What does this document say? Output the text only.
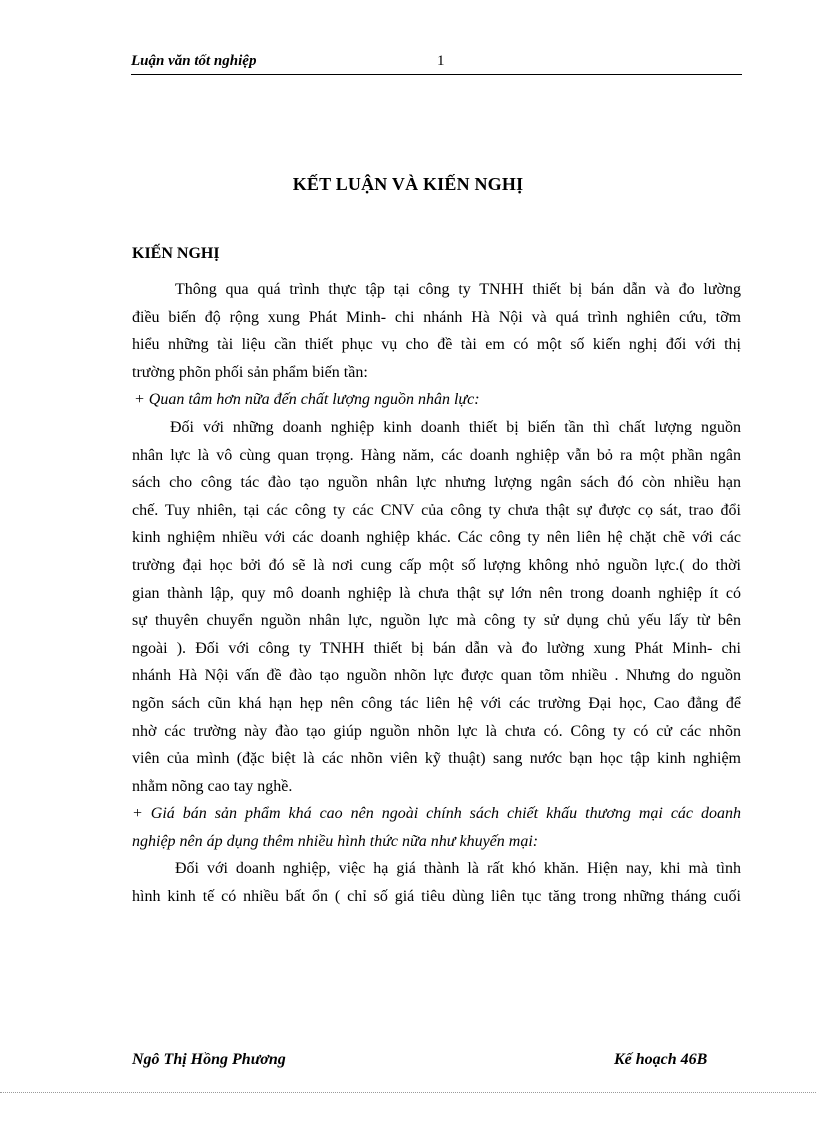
Luận văn tốt nghiệp	1
KẾT LUẬN VÀ KIẾN NGHỊ
KIẾN NGHỊ
Thông qua quá trình thực tập tại công ty TNHH thiết bị bán dẫn và đo lường
điều biến độ rộng xung Phát Minh- chi nhánh Hà Nội và quá trình nghiên cứu, tỡm
hiểu những tài liệu cần thiết phục vụ cho đề tài em có một số kiến nghị đối với thị
trường phõn phối sản phẩm biến tần:
+ Quan tâm hơn nữa đến chất lượng nguồn nhân lực:
Đối với những doanh nghiệp kinh doanh thiết bị biến tần thì chất lượng nguồn
nhân lực là vô cùng quan trọng. Hàng năm, các doanh nghiệp vẫn bỏ ra một phần ngân
sách cho công tác đào tạo nguồn nhân lực nhưng lượng ngân sách đó còn nhiều hạn
chế. Tuy nhiên, tại các công ty các CNV của công ty chưa thật sự được cọ sát, trao đổi
kinh nghiệm nhiều với các doanh nghiệp khác. Các công ty nên liên hệ chặt chẽ với các
trường đại học bởi đó sẽ là nơi cung cấp một số lượng không nhỏ nguồn lực.( do thời
gian thành lập, quy mô doanh nghiệp là chưa thật sự lớn nên trong doanh nghiệp ít có
sự thuyên chuyển nguồn nhân lực, nguồn lực mà công ty sử dụng chủ yếu lấy từ bên
ngoài ). Đối với công ty TNHH thiết bị bán dẫn và đo lường xung Phát Minh- chi
nhánh Hà Nội vấn đề đào tạo nguồn nhõn lực được quan tõm nhiều . Nhưng do nguồn
ngõn sách cũn khá hạn hẹp nên công tác liên hệ với các trường Đại học, Cao đẳng để
nhờ các trường này đào tạo giúp nguồn nhõn lực là chưa có. Công ty có cử các nhõn
viên của mình (đặc biệt là các nhõn viên kỹ thuật) sang nước bạn học tập kinh nghiệm
nhằm nõng cao tay nghề.
+ Giá bán sản phẩm khá cao nên ngoài chính sách chiết khấu thương mại các doanh
nghiệp nên áp dụng thêm nhiều hình thức nữa như khuyến mại:
Đối với doanh nghiệp, việc hạ giá thành là rất khó khăn. Hiện nay, khi mà tình
hình kinh tế có nhiều bất ổn ( chỉ số giá tiêu dùng liên tục tăng trong những tháng cuối
Ngô Thị Hồng Phương	Kế hoạch 46B
